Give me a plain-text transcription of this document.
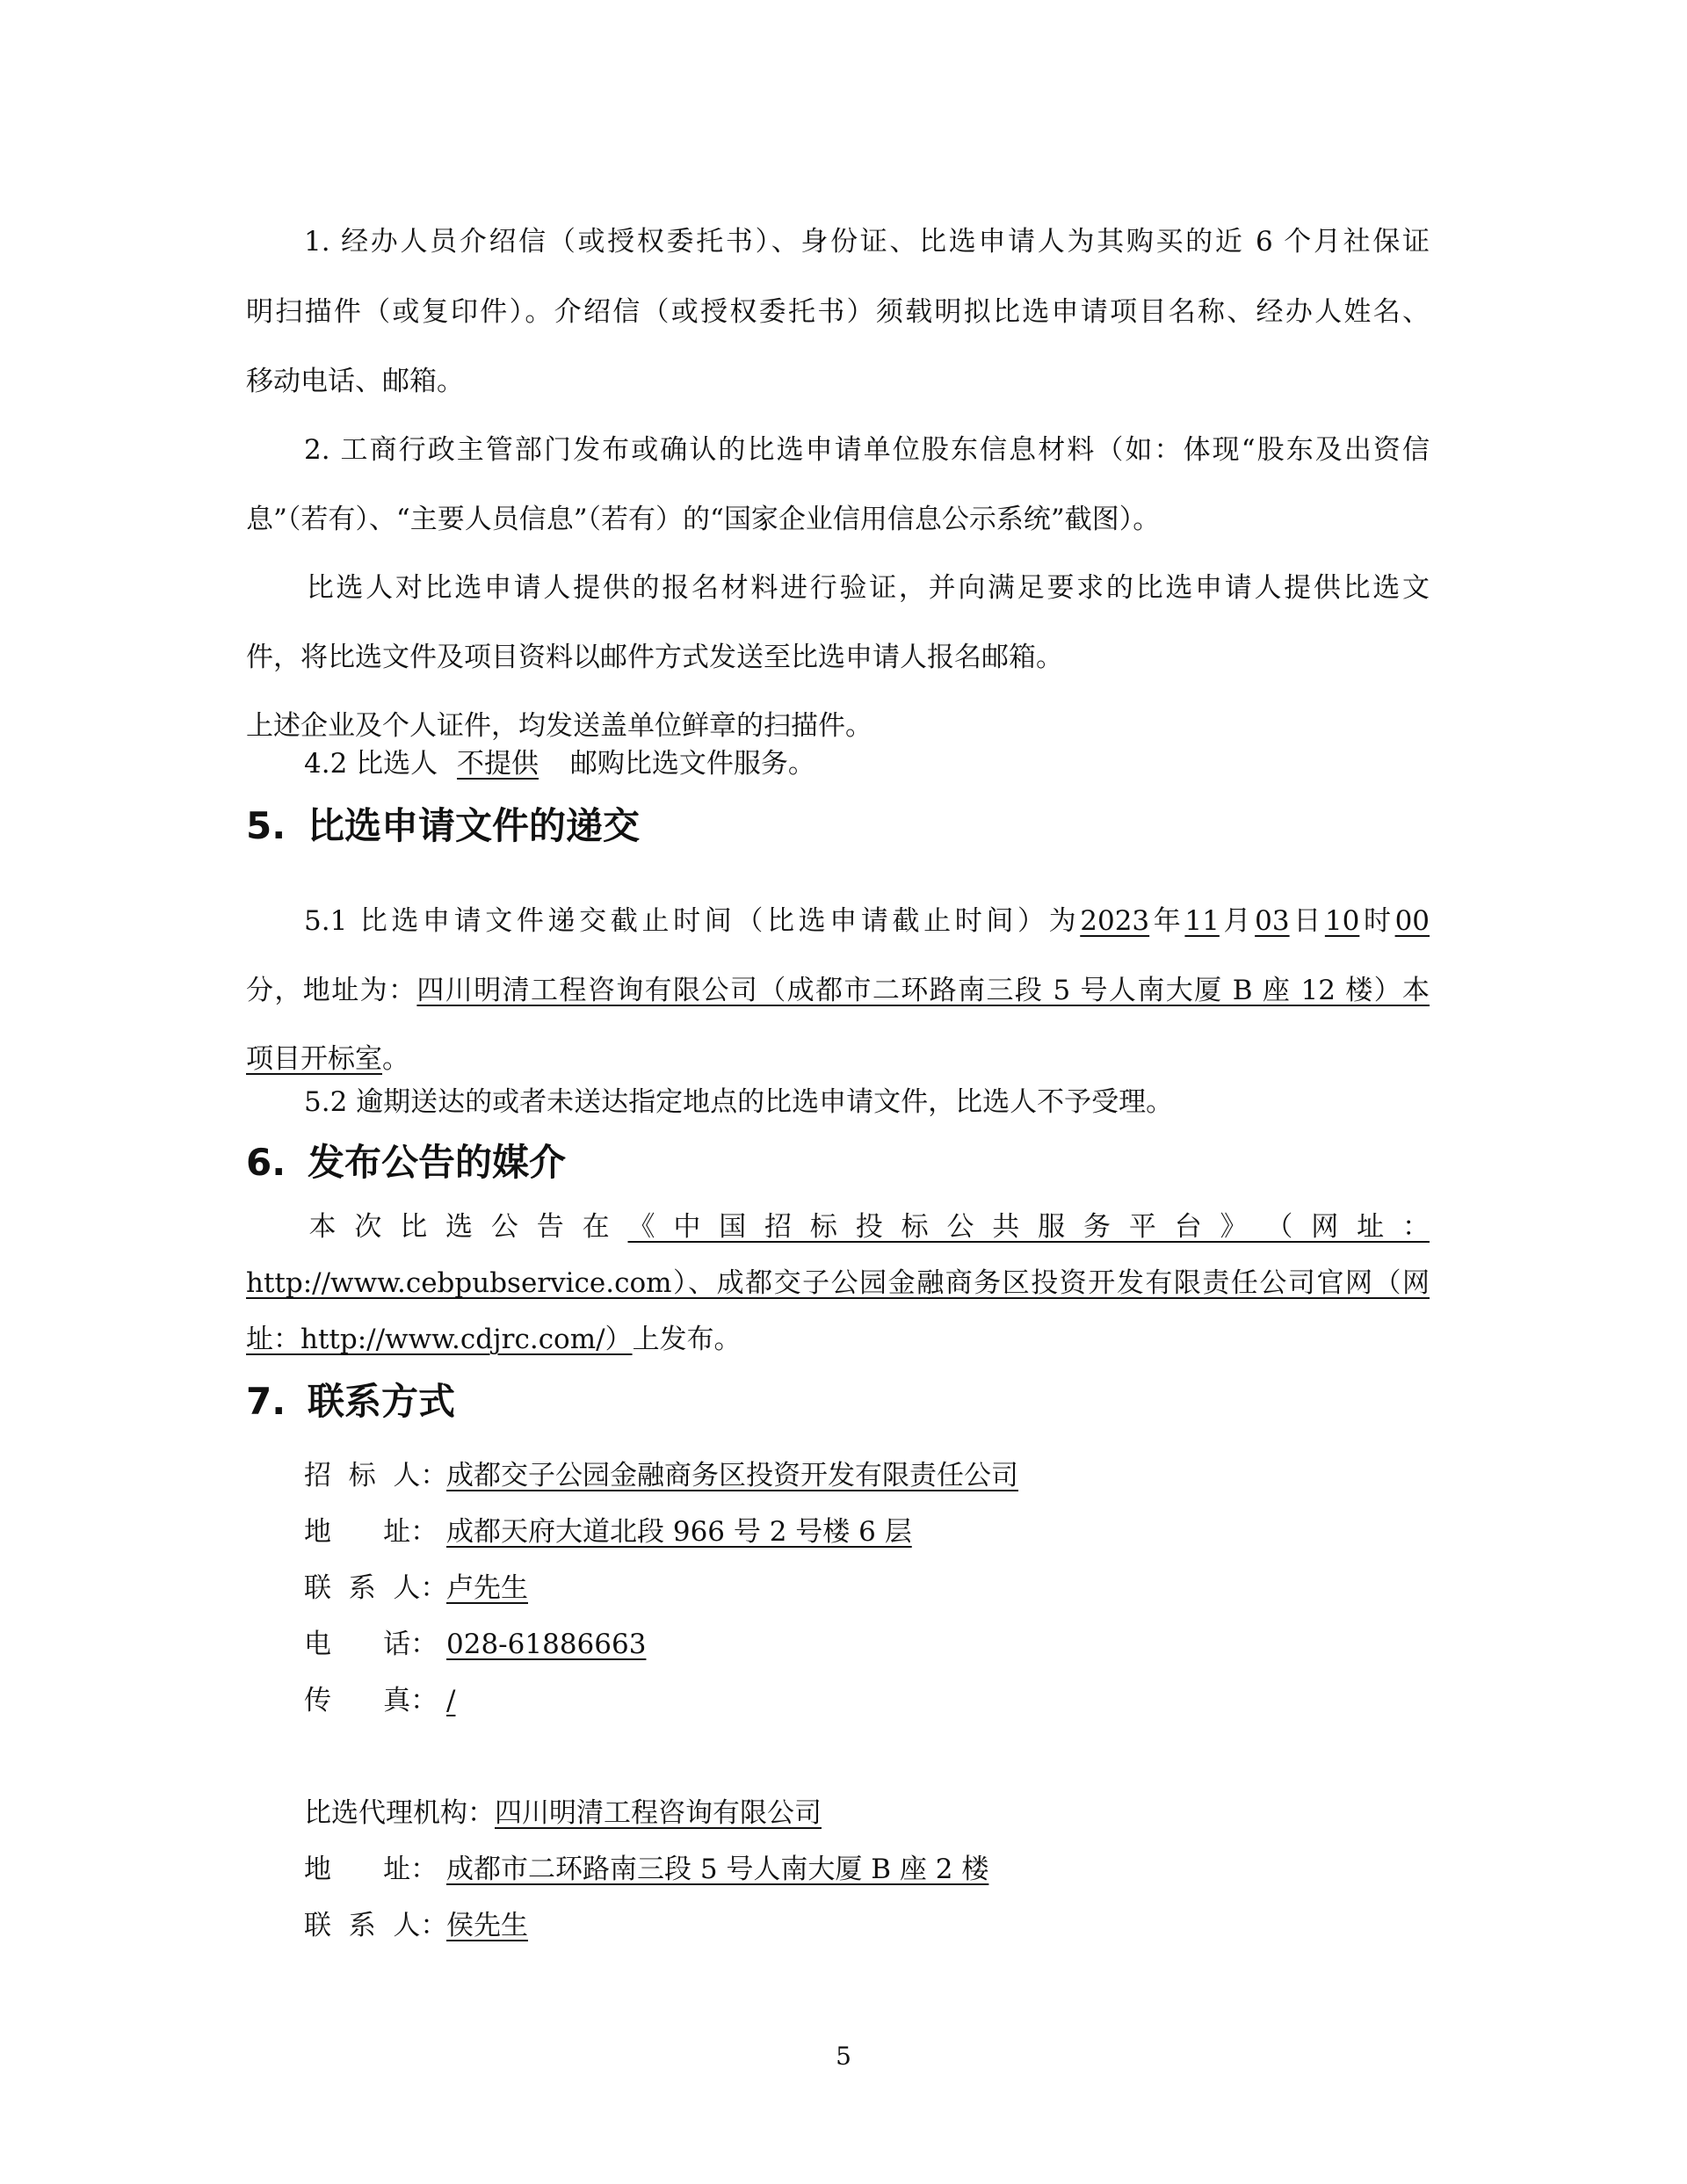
1. 经办人员介绍信（或授权委托书）、身份证、比选申请人为其购买的近 6 个月社保证
明扫描件（或复印件）。介绍信（或授权委托书）须载明拟比选申请项目名称、经办人姓名、
移动电话、邮箱。
2. 工商行政主管部门发布或确认的比选申请单位股东信息材料（如：体现“股东及出资信
息”（若有）、“主要人员信息”（若有）的“国家企业信用信息公示系统”截图）。
比选人对比选申请人提供的报名材料进行验证，并向满足要求的比选申请人提供比选文
件，将比选文件及项目资料以邮件方式发送至比选申请人报名邮箱。
上述企业及个人证件，均发送盖单位鲜章的扫描件。
4.2 比选人 不提供 邮购比选文件服务。
5. 比选申请文件的递交
5.1 比选申请文件递交截止时间（比选申请截止时间）为2023年11月03日10时00
分，地址为：四川明清工程咨询有限公司（成都市二环路南三段 5 号人南大厦 B 座 12 楼）本
项目开标室。
5.2 逾期送达的或者未送达指定地点的比选申请文件，比选人不予受理。
6. 发布公告的媒介
本 次 比 选 公 告 在 《 中 国 招 标 投 标 公 共 服 务 平 台 》 （ 网 址 ：
http://www.cebpubservice.com）、成都交子公园金融商务区投资开发有限责任公司官网（网
址：http://www.cdjrc.com/）上发布。
7. 联系方式
招  标  人：成都交子公园金融商务区投资开发有限责任公司
地      址： 成都天府大道北段 966 号 2 号楼 6 层
联  系  人：卢先生
电      话： 028-61886663
传      真： /
比选代理机构：四川明清工程咨询有限公司
地      址： 成都市二环路南三段 5 号人南大厦 B 座 2 楼
联  系  人：侯先生
5
